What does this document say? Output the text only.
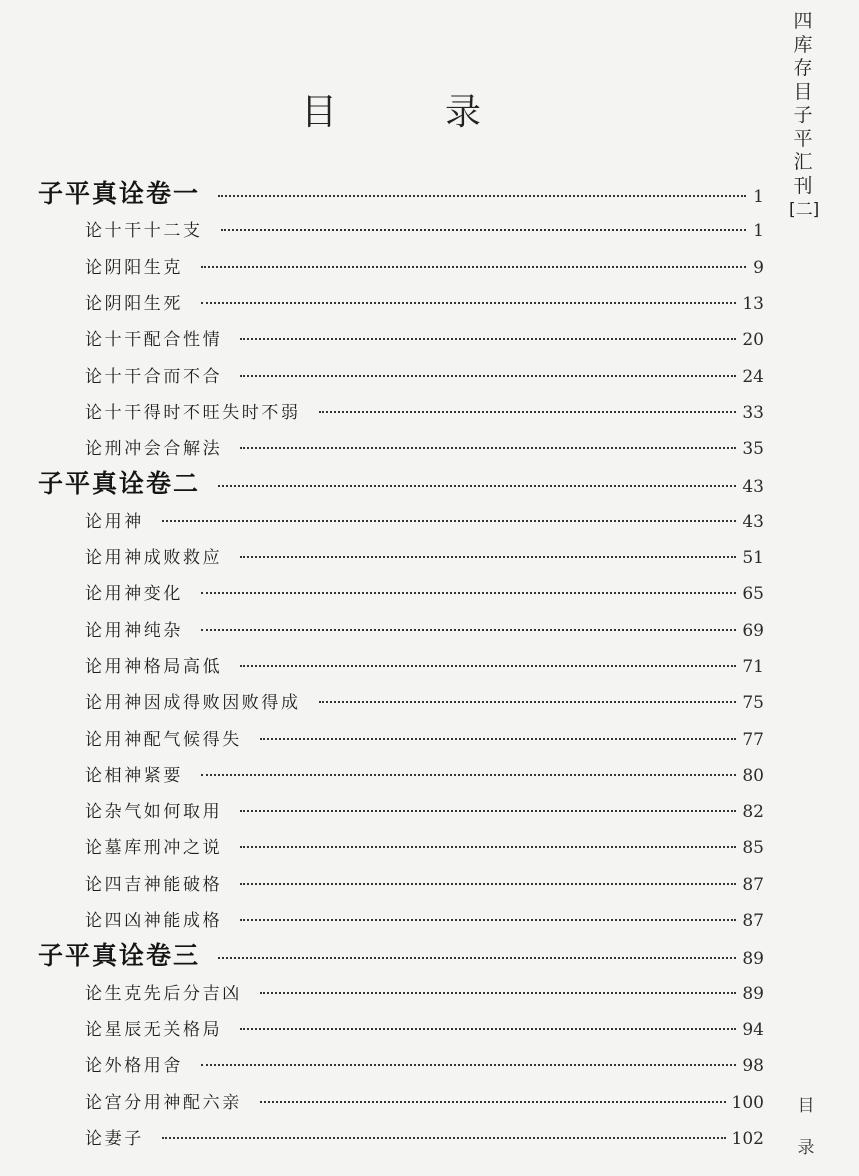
目　录
四
库
存
目
子
平
汇
刊
[二]
子平真诠卷一	1
论十干十二支	1
论阴阳生克	9
论阴阳生死	13
论十干配合性情	20
论十干合而不合	24
论十干得时不旺失时不弱	33
论刑冲会合解法	35
子平真诠卷二	43
论用神	43
论用神成败救应	51
论用神变化	65
论用神纯杂	69
论用神格局高低	71
论用神因成得败因败得成	75
论用神配气候得失	77
论相神紧要	80
论杂气如何取用	82
论墓库刑冲之说	85
论四吉神能破格	87
论四凶神能成格	87
子平真诠卷三	89
论生克先后分吉凶	89
论星辰无关格局	94
论外格用舍	98
论宫分用神配六亲	100
论妻子	102
目
录
